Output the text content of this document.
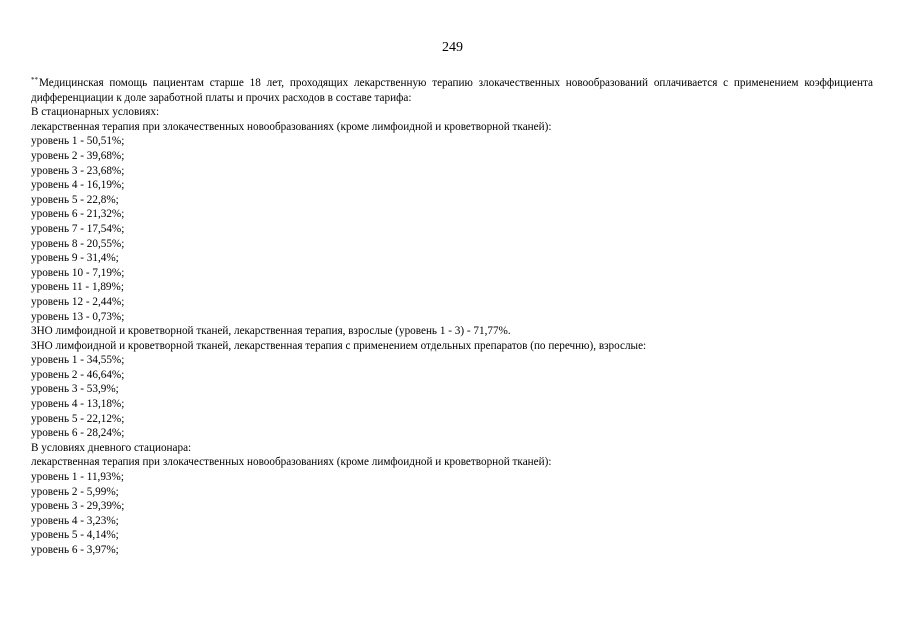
249

**Медицинская помощь пациентам старше 18 лет, проходящих лекарственную терапию злокачественных новообразований оплачивается с применением коэффициента дифференциации к доле заработной платы и прочих расходов в составе тарифа:

В стационарных условиях:

лекарственная терапия при злокачественных новообразованиях (кроме лимфоидной и кроветворной тканей):

уровень 1 - 50,51%;

уровень 2 - 39,68%;

уровень 3 - 23,68%;

уровень 4 - 16,19%;

уровень 5 - 22,8%;

уровень 6 - 21,32%;

уровень 7 - 17,54%;

уровень 8 - 20,55%;

уровень 9 - 31,4%;

уровень 10 - 7,19%;

уровень 11 - 1,89%;

уровень 12 - 2,44%;

уровень 13 - 0,73%;

ЗНО лимфоидной и кроветворной тканей, лекарственная терапия, взрослые (уровень 1 - 3) - 71,77%.

ЗНО лимфоидной и кроветворной тканей, лекарственная терапия с применением отдельных препаратов (по перечню), взрослые:

уровень 1 - 34,55%;

уровень 2 - 46,64%;

уровень 3 - 53,9%;

уровень 4 - 13,18%;

уровень 5 - 22,12%;

уровень 6 - 28,24%;

В условиях дневного стационара:

лекарственная терапия при злокачественных новообразованиях (кроме лимфоидной и кроветворной тканей):

уровень 1 - 11,93%;

уровень 2 - 5,99%;

уровень 3 - 29,39%;

уровень 4 - 3,23%;

уровень 5 - 4,14%;

уровень 6 - 3,97%;
